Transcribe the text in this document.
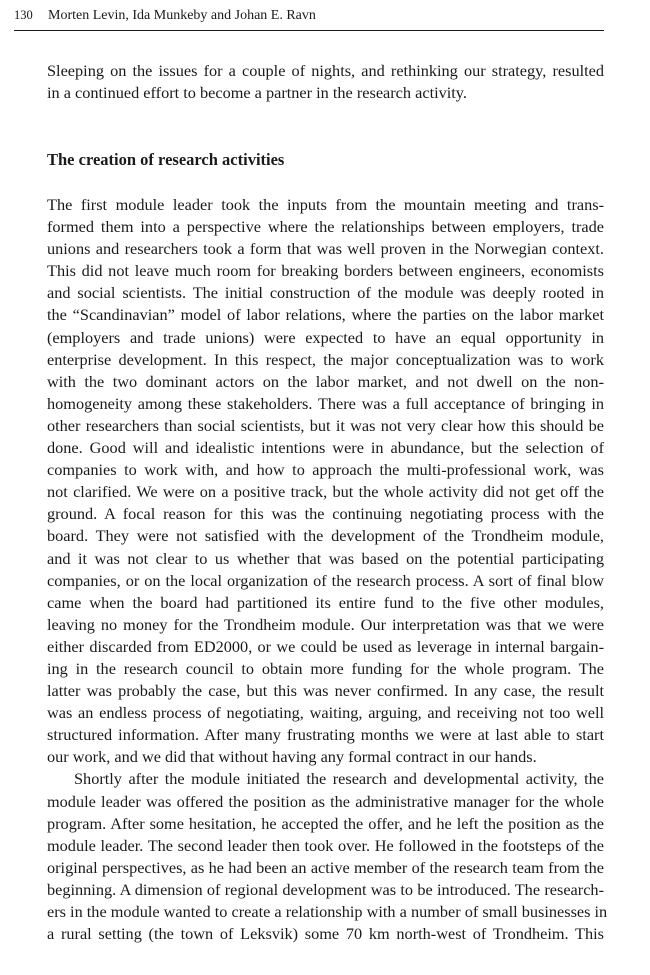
130 Morten Levin, Ida Munkeby and Johan E. Ravn

Sleeping on the issues for a couple of nights, and rethinking our strategy, resulted
in a continued effort to become a partner in the research activity.

The creation of research activities

The first module leader took the inputs from the mountain meeting and trans-
formed them into a perspective where the relationships between employers, trade
unions and researchers took a form that was well proven in the Norwegian context.
This did not leave much room for breaking borders between engineers, economists
and social scientists. The initial construction of the module was deeply rooted in
the “Scandinavian” model of labor relations, where the parties on the labor market
(employers and trade unions) were expected to have an equal opportunity in
enterprise development. In this respect, the major conceptualization was to work
with the two dominant actors on the labor market, and not dwell on the non-
homogeneity among these stakeholders. There was a full acceptance of bringing in
other researchers than social scientists, but it was not very clear how this should be
done. Good will and idealistic intentions were in abundance, but the selection of
companies to work with, and how to approach the multi-professional work, was
not clarified. We were on a positive track, but the whole activity did not get off the
ground. A focal reason for this was the continuing negotiating process with the
board. They were not satisfied with the development of the Trondheim module,
and it was not clear to us whether that was based on the potential participating
companies, or on the local organization of the research process. A sort of final blow
came when the board had partitioned its entire fund to the five other modules,
leaving no money for the Trondheim module. Our interpretation was that we were
either discarded from ED2000, or we could be used as leverage in internal bargain-
ing in the research council to obtain more funding for the whole program. The
latter was probably the case, but this was never confirmed. In any case, the result
was an endless process of negotiating, waiting, arguing, and receiving not too well
structured information. After many frustrating months we were at last able to start
our work, and we did that without having any formal contract in our hands.

Shortly after the module initiated the research and developmental activity, the
module leader was offered the position as the administrative manager for the whole
program. After some hesitation, he accepted the offer, and he left the position as the
module leader. The second leader then took over. He followed in the footsteps of the
original perspectives, as he had been an active member of the research team from the
beginning. A dimension of regional development was to be introduced. The research-
ers in the module wanted to create a relationship with a number of small businesses in
a rural setting (the town of Leksvik) some 70 km north-west of Trondheim. This
